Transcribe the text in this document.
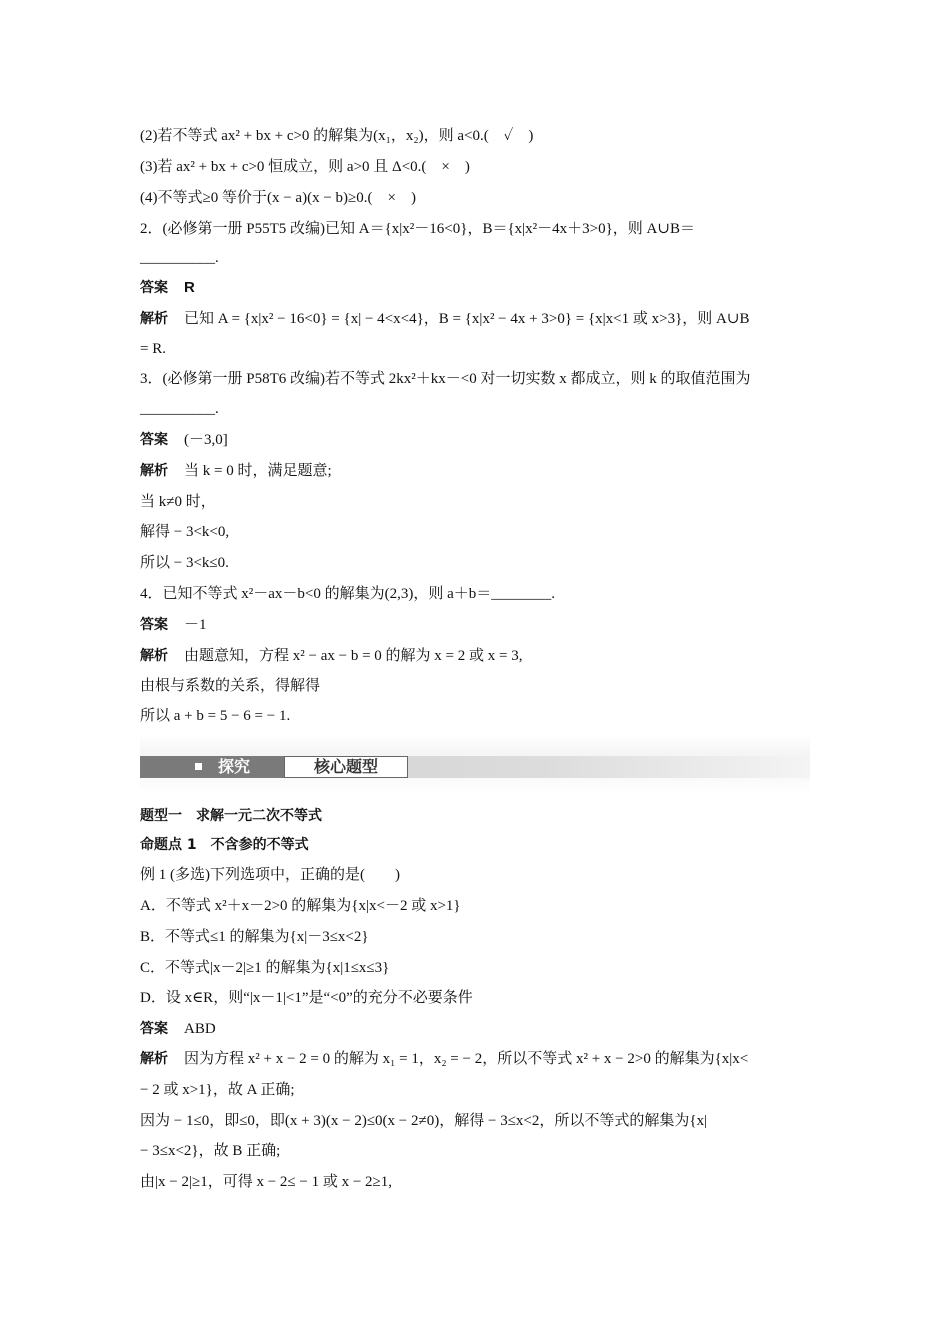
(2)若不等式 ax² + bx + c>0 的解集为(x₁，x₂)，则 a<0.(　✓　)
(3)若 ax² + bx + c>0 恒成立，则 a>0 且 Δ<0.(　×　)
(4)不等式≥0 等价于(x − a)(x − b)≥0.(　×　)
2．(必修第一册 P55T5 改编)已知 A＝{x|x²－16<0}，B＝{x|x²－4x＋3>0}，则 A∪B＝
__________.
答案 R
解析 已知 A = {x|x² − 16<0} = {x| − 4<x<4}，B = {x|x² − 4x + 3>0} = {x|x<1 或 x>3}，则 A∪B
= R.
3．(必修第一册 P58T6 改编)若不等式 2kx²＋kx－<0 对一切实数 x 都成立，则 k 的取值范围为
__________.
答案 (－3,0]
解析 当 k = 0 时，满足题意;
当 k≠0 时，
解得 − 3<k<0,
所以 − 3<k≤0.
4．已知不等式 x²－ax－b<0 的解集为(2,3)，则 a＋b＝________.
答案 －1
解析 由题意知，方程 x² − ax − b = 0 的解为 x = 2 或 x = 3,
由根与系数的关系，得解得
所以 a + b = 5 − 6 = − 1.
探究	核心题型
题型一　求解一元二次不等式
命题点 1　不含参的不等式
例 1 (多选)下列选项中，正确的是(　　)
A．不等式 x²＋x－2>0 的解集为{x|x<－2 或 x>1}
B．不等式≤1 的解集为{x|－3≤x<2}
C．不等式|x－2|≥1 的解集为{x|1≤x≤3}
D．设 x∈R，则“|x－1|<1”是“<0”的充分不必要条件
答案 ABD
解析 因为方程 x² + x − 2 = 0 的解为 x₁ = 1，x₂ = − 2，所以不等式 x² + x − 2>0 的解集为{x|x<
− 2 或 x>1}，故 A 正确;
因为 − 1≤0，即≤0，即(x + 3)(x − 2)≤0(x − 2≠0)，解得 − 3≤x<2，所以不等式的解集为{x|
− 3≤x<2}，故 B 正确;
由|x − 2|≥1，可得 x − 2≤ − 1 或 x − 2≥1,
